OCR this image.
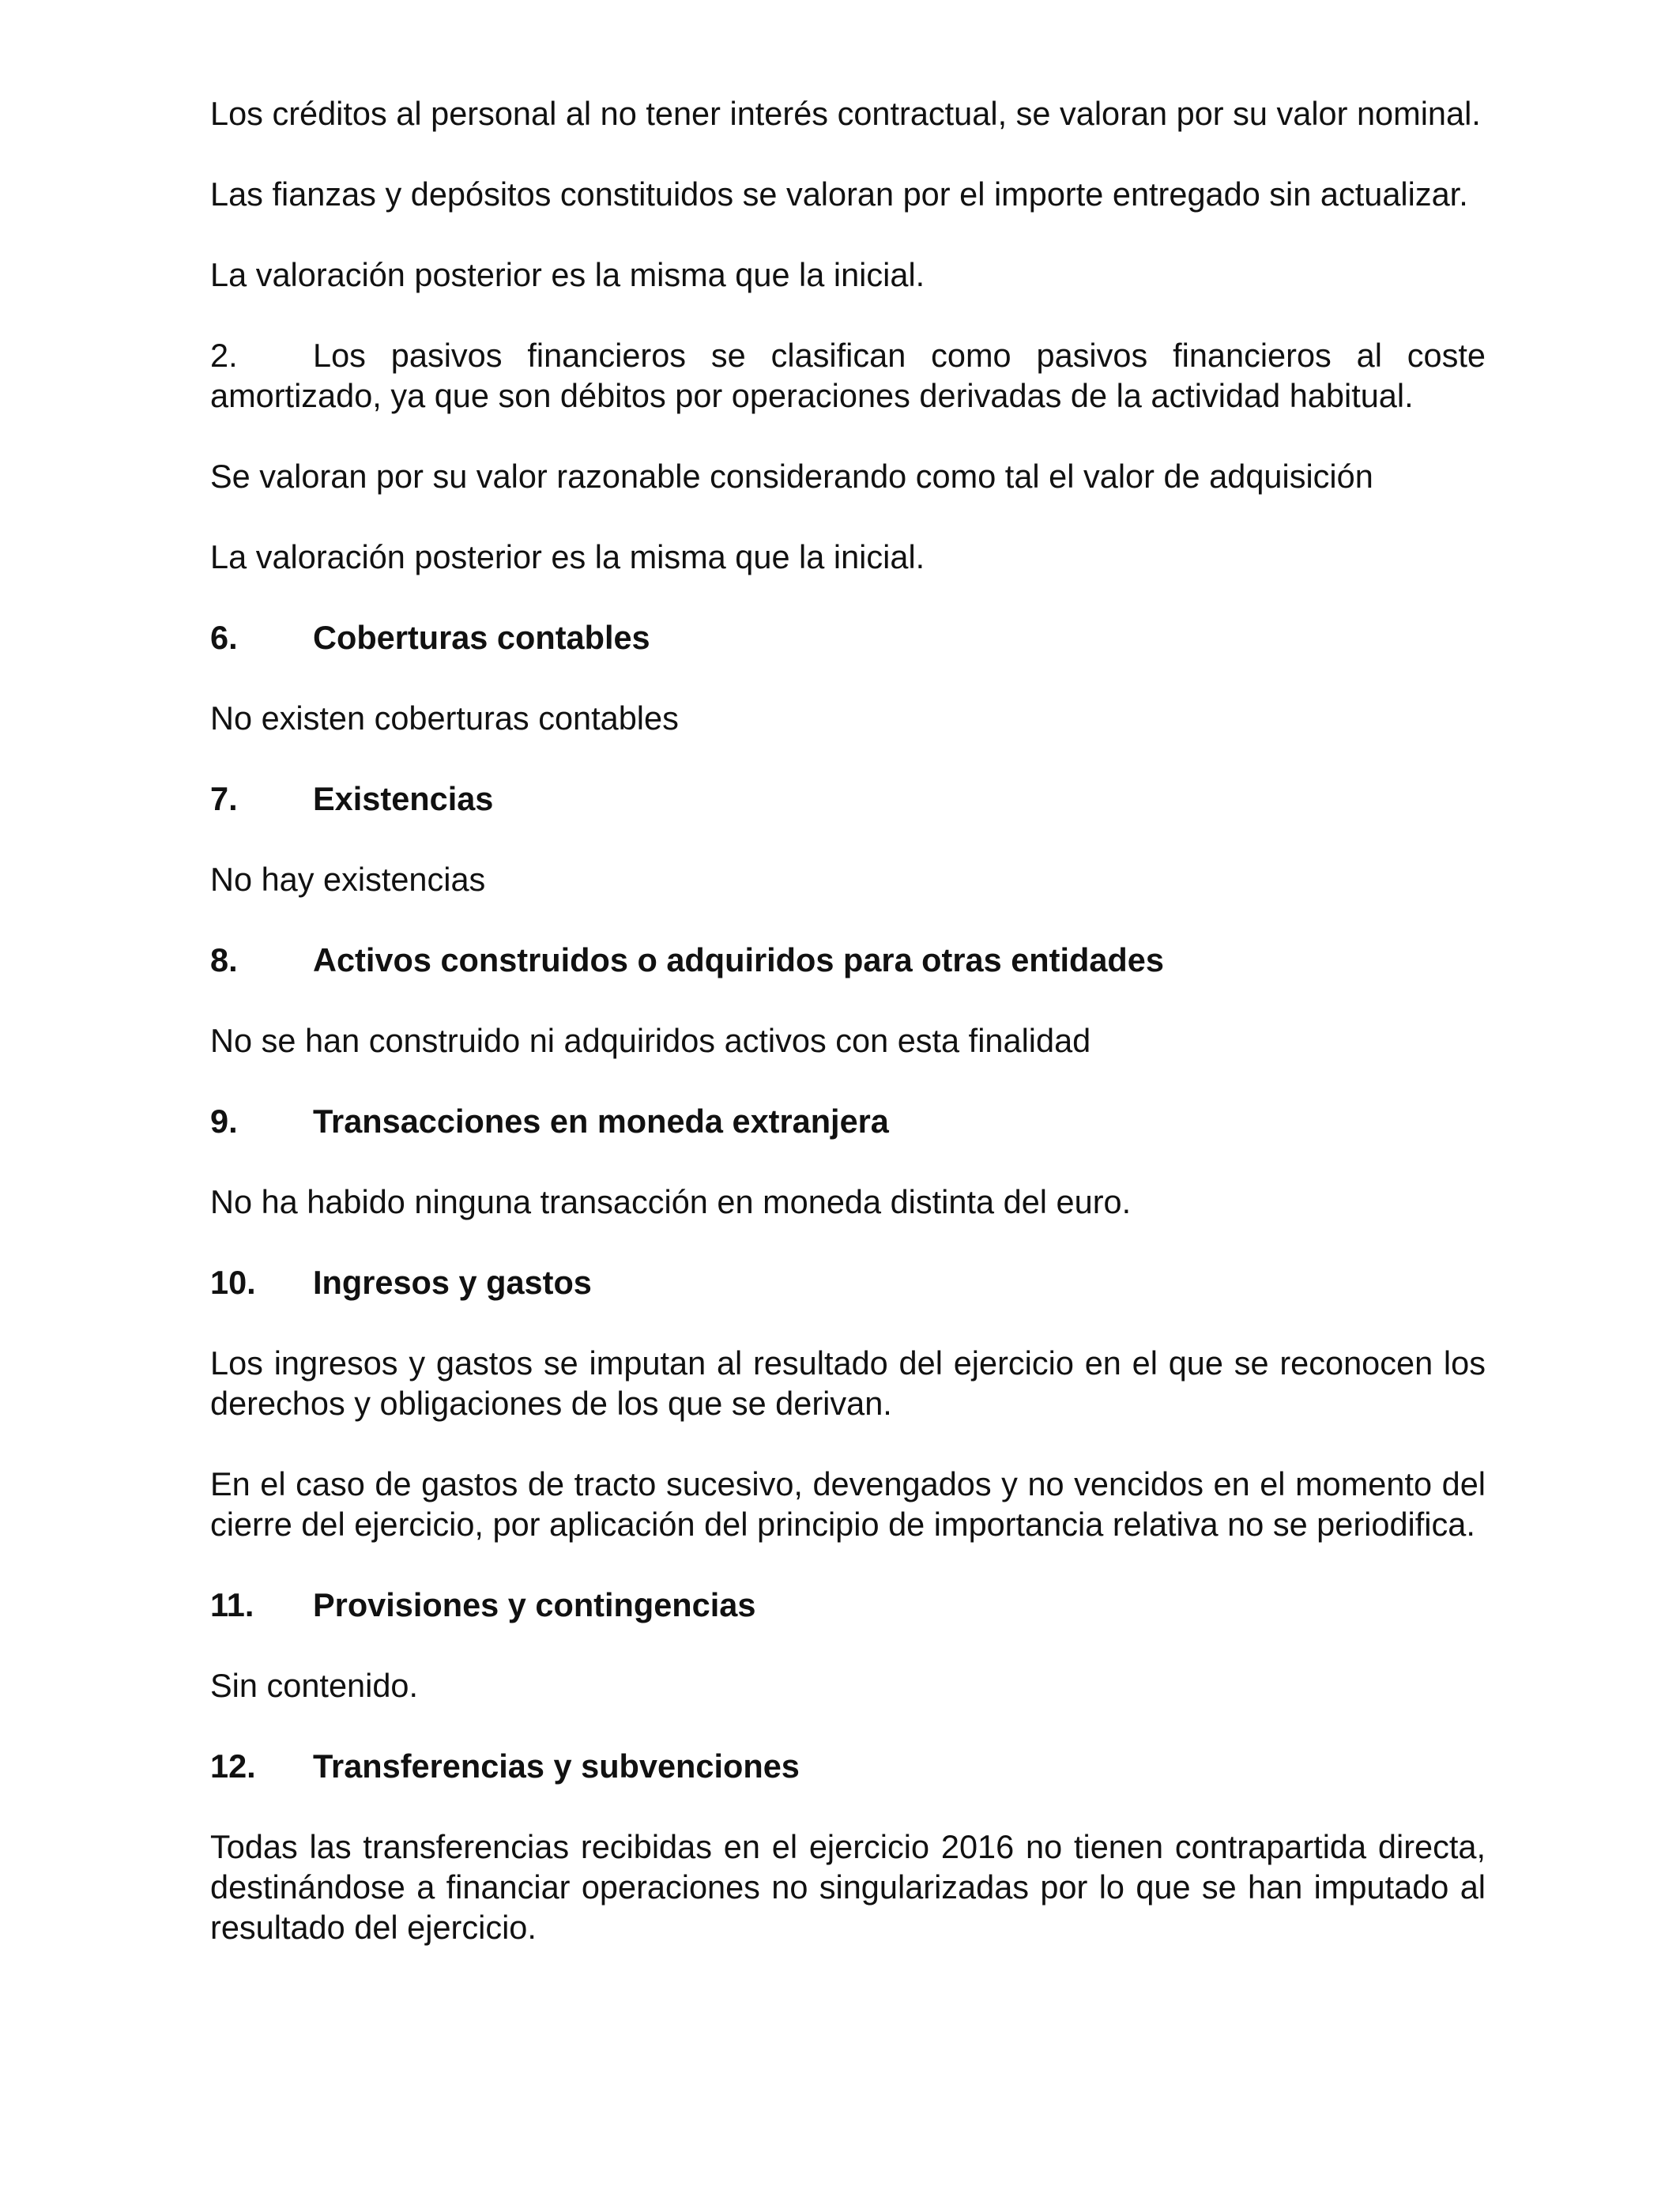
Los créditos al personal al no tener interés contractual, se valoran por su valor nominal.

Las fianzas y depósitos constituidos se valoran por el importe entregado sin actualizar.

La valoración posterior es la misma que la inicial.

2. Los pasivos financieros se clasifican como pasivos financieros al coste amortizado, ya que son débitos por operaciones derivadas de la actividad habitual.

Se valoran por su valor razonable considerando como tal el valor de adquisición

La valoración posterior es la misma que la inicial.

6.	Coberturas contables

No existen coberturas contables

7.	Existencias

No hay existencias

8.	Activos construidos o adquiridos para otras entidades

No se han construido ni adquiridos activos con esta finalidad

9.	Transacciones en moneda extranjera

No ha habido ninguna transacción en moneda distinta del euro.

10.	Ingresos y gastos

Los ingresos y gastos se imputan al resultado del ejercicio en el que se reconocen los derechos y obligaciones de los que se derivan.

En el caso de gastos de tracto sucesivo, devengados y no vencidos en el momento del cierre del ejercicio, por aplicación del principio de importancia relativa no se periodifica.

11.	Provisiones y contingencias

Sin contenido.

12.	Transferencias y subvenciones

Todas las transferencias recibidas en el ejercicio 2016 no tienen contrapartida directa, destinándose a financiar operaciones no singularizadas por lo que se han imputado al resultado del ejercicio.
